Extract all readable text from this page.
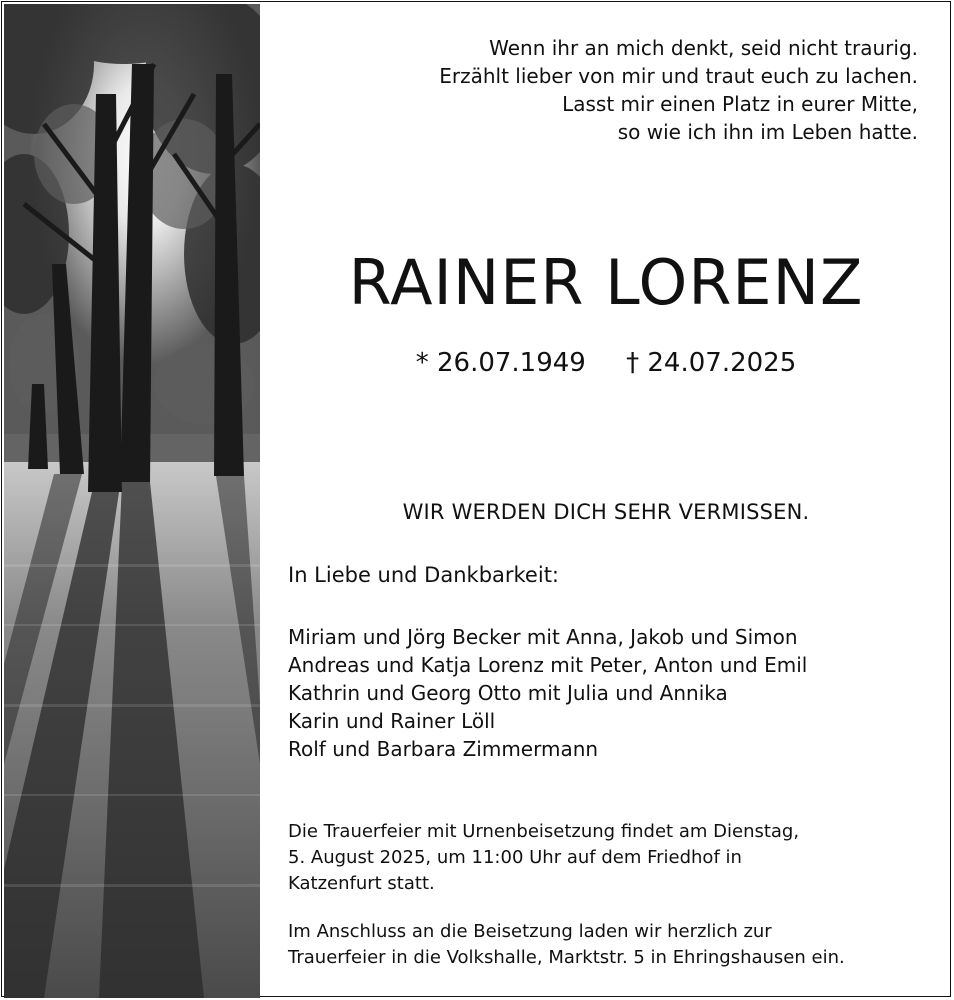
Wenn ihr an mich denkt, seid nicht traurig.
Erzählt lieber von mir und traut euch zu lachen.
Lasst mir einen Platz in eurer Mitte,
so wie ich ihn im Leben hatte.
RAINER LORENZ
* 26.07.1949 † 24.07.2025
WIR WERDEN DICH SEHR VERMISSEN.
In Liebe und Dankbarkeit:
Miriam und Jörg Becker mit Anna, Jakob und Simon
Andreas und Katja Lorenz mit Peter, Anton und Emil
Kathrin und Georg Otto mit Julia und Annika
Karin und Rainer Löll
Rolf und Barbara Zimmermann
Die Trauerfeier mit Urnenbeisetzung findet am Dienstag,
5. August 2025, um 11:00 Uhr auf dem Friedhof in
Katzenfurt statt.
Im Anschluss an die Beisetzung laden wir herzlich zur
Trauerfeier in die Volkshalle, Marktstr. 5 in Ehringshausen ein.
